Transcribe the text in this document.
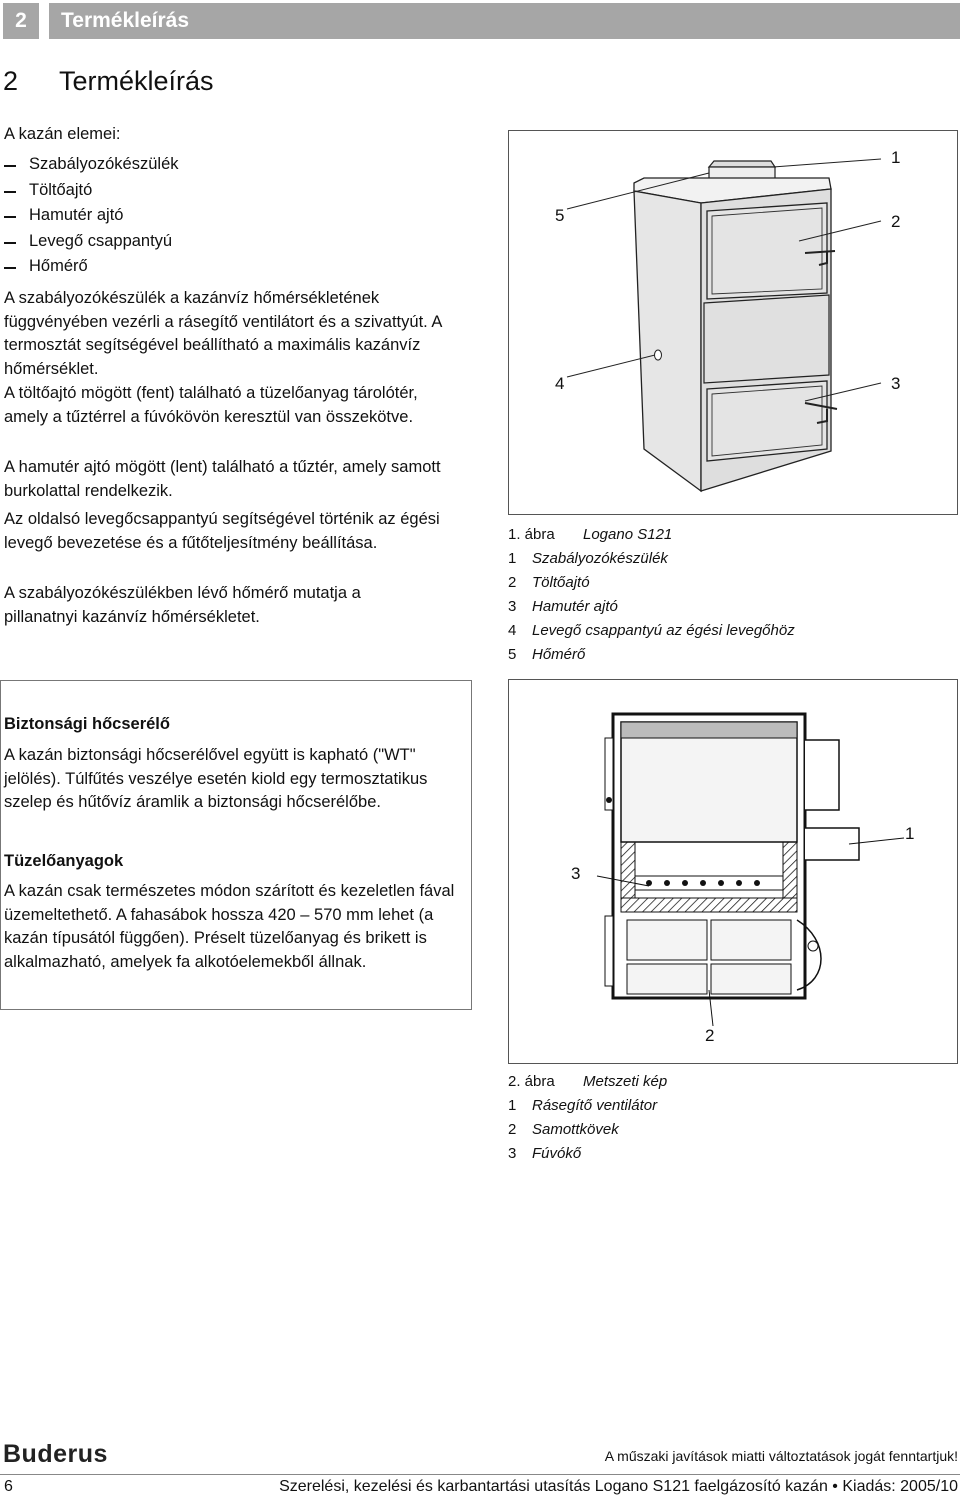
2	Termékleírás
2 Termékleírás
A kazán elemei:
Szabályozókészülék
Töltőajtó
Hamutér ajtó
Levegő csappantyú
Hőmérő
A szabályozókészülék a kazánvíz hőmérsékletének függvényében vezérli a rásegítő ventilátort és a szivattyút. A termosztát segítségével beállítható a maximális kazánvíz hőmérséklet.
A töltőajtó mögött (fent) található a tüzelőanyag tárolótér, amely a tűztérrel a fúvókövön keresztül van összekötve.
A hamutér ajtó mögött (lent) található a tűztér, amely samott burkolattal rendelkezik.
Az oldalsó levegőcsappantyú segítségével történik az égési levegő bevezetése és a fűtőteljesítmény beállítása.
A szabályozókészülékben lévő hőmérő mutatja a pillanatnyi kazánvíz hőmérsékletet.
1
2
3
4
5
1. ábra Logano S121
1 Szabályozókészülék
2 Töltőajtó
3 Hamutér ajtó
4 Levegő csappantyú az égési levegőhöz
5 Hőmérő
Biztonsági hőcserélő
A kazán biztonsági hőcserélővel együtt is kapható ("WT" jelölés). Túlfűtés veszélye esetén kiold egy termosztatikus szelep és hűtővíz áramlik a biztonsági hőcserélőbe.
Tüzelőanyagok
A kazán csak természetes módon szárított és kezeletlen fával üzemeltethető. A fahasábok hossza 420 – 570 mm lehet (a kazán típusától függően). Préselt tüzelőanyag és brikett is alkalmazható, amelyek fa alkotóelemekből állnak.
1
2
3
2. ábra Metszeti kép
1 Rásegítő ventilátor
2 Samottkövek
3 Fúvókő
Buderus	A műszaki javítások miatti változtatások jogát fenntartjuk!
6	Szerelési, kezelési és karbantartási utasítás Logano S121 faelgázosító kazán • Kiadás: 2005/10
